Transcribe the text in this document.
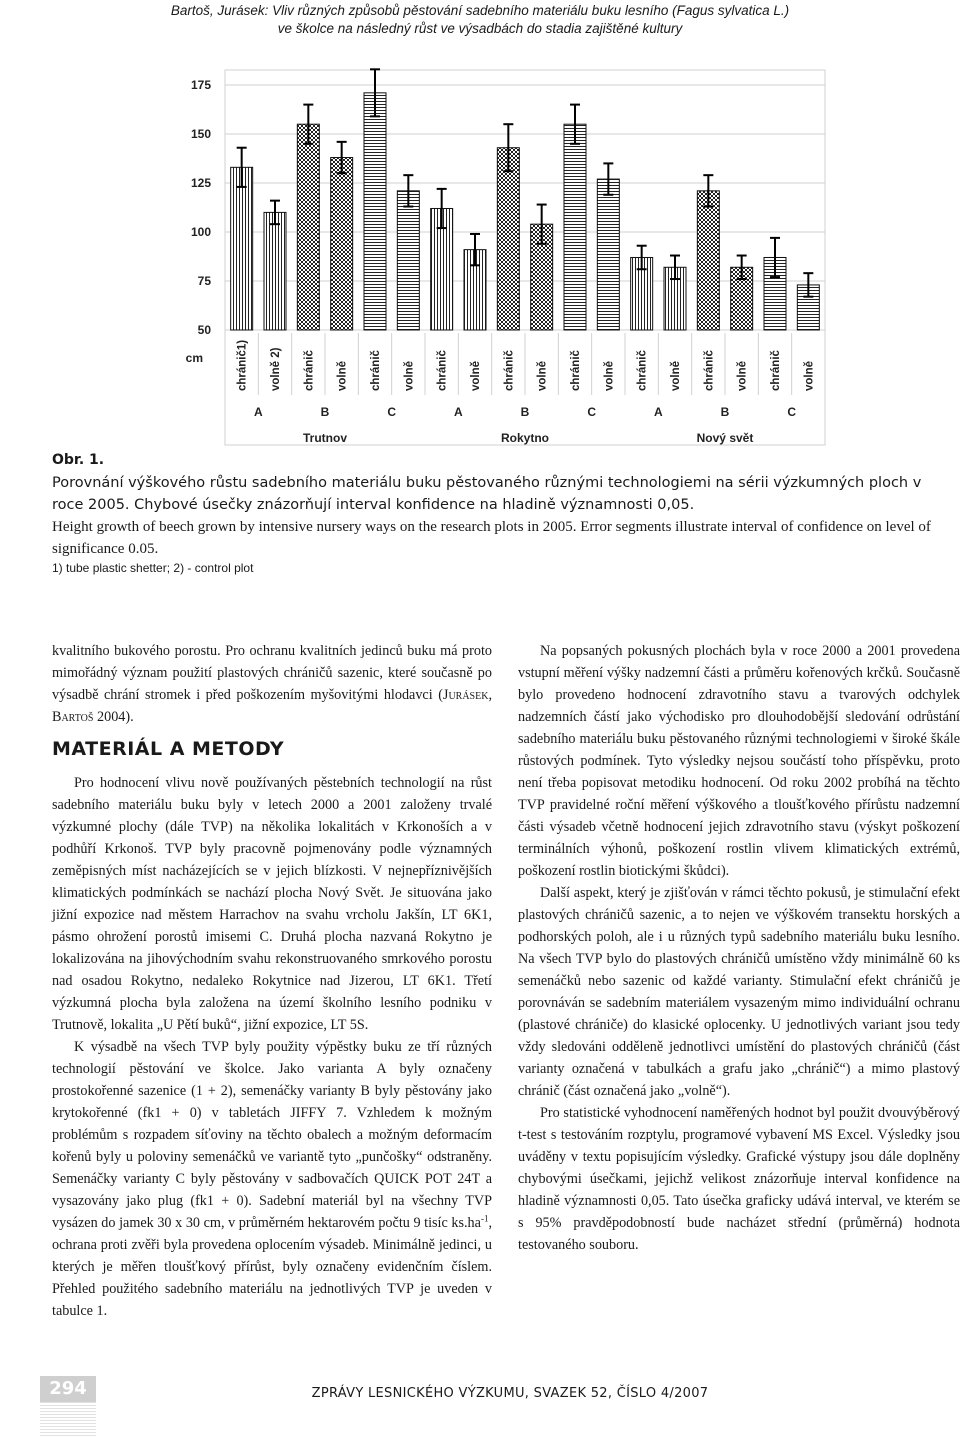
Bartoš, Jurásek: Vliv různých způsobů pěstování sadebního materiálu buku lesního (Fagus sylvatica L.)
ve školce na následný růst ve výsadbách do stadia zajištěné kultury
50
75
100
125
150
175
cm	chránič1) volně 2) chránič volně chránič volně chránič volně chránič volně chránič volně chránič volně chránič volně chránič volně
A	B	C	A	B	C	A	B	C
Trutnov	Rokytno	Nový svět
Obr. 1.
Porovnání výškového růstu sadebního materiálu buku pěstovaného různými technologiemi na sérii výzkumných ploch v roce 2005. Chybové úsečky znázorňují interval konfidence na hladině významnosti 0,05.
Height growth of beech grown by intensive nursery ways on the research plots in 2005. Error segments illustrate interval of confidence on level of significance 0.05.
1) tube plastic shetter; 2) - control plot

kvalitního bukového porostu. Pro ochranu kvalitních jedinců buku má proto mimořádný význam použití plastových chráničů sazenic, které současně po výsadbě chrání stromek i před poškozením myšovitými hlodavci (Jurásek, Bartoš 2004).

MATERIÁL A METODY

Pro hodnocení vlivu nově používaných pěstebních technologií na růst sadebního materiálu buku byly v letech 2000 a 2001 založeny trvalé výzkumné plochy (dále TVP) na několika lokalitách v Krkonoších a v podhůří Krkonoš. TVP byly pracovně pojmenovány podle významných zeměpisných míst nacházejících se v jejich blízkosti. V nejnepříznivějších klimatických podmínkách se nachází plocha Nový Svět. Je situována jako jižní expozice nad městem Harrachov na svahu vrcholu Jakšín, LT 6K1, pásmo ohrožení porostů imisemi C. Druhá plocha nazvaná Rokytno je lokalizována na jihovýchodním svahu rekonstruovaného smrkového porostu nad osadou Rokytno, nedaleko Rokytnice nad Jizerou, LT 6K1. Třetí výzkumná plocha byla založena na území školního lesního podniku v Trutnově, lokalita „U Pětí buků“, jižní expozice, LT 5S.

K výsadbě na všech TVP byly použity výpěstky buku ze tří různých technologií pěstování ve školce. Jako varianta A byly označeny prostokořenné sazenice (1 + 2), semenáčky varianty B byly pěstovány jako krytokořenné (fk1 + 0) v tabletách JIFFY 7. Vzhledem k možným problémům s rozpadem síťoviny na těchto obalech a možným deformacím kořenů byly u poloviny semenáčků ve variantě tyto „punčošky“ odstraněny. Semenáčky varianty C byly pěstovány v sadbovačích QUICK POT 24T a vysazovány jako plug (fk1 + 0). Sadební materiál byl na všechny TVP vysázen do jamek 30 x 30 cm, v průměrném hektarovém počtu 9 tisíc $ks.ha^{-1}$, ochrana proti zvěři byla provedena oplocením výsadeb. Minimálně jedinci, u kterých je měřen tloušťkový přírůst, byly označeny evidenčním číslem. Přehled použitého sadebního materiálu na jednotlivých TVP je uveden v tabulce 1.

Na popsaných pokusných plochách byla v roce 2000 a 2001 provedena vstupní měření výšky nadzemní části a průměru kořenových krčků. Současně bylo provedeno hodnocení zdravotního stavu a tvarových odchylek nadzemních částí jako východisko pro dlouhodobější sledování odrůstání sadebního materiálu buku pěstovaného různými technologiemi v široké škále růstových podmínek. Tyto výsledky nejsou součástí toho příspěvku, proto není třeba popisovat metodiku hodnocení. Od roku 2002 probíhá na těchto TVP pravidelné roční měření výškového a tloušťkového přírůstu nadzemní části výsadeb včetně hodnocení jejich zdravotního stavu (výskyt poškození terminálních výhonů, poškození rostlin vlivem klimatických extrémů, poškození rostlin biotickými škůdci).

Další aspekt, který je zjišťován v rámci těchto pokusů, je stimulační efekt plastových chráničů sazenic, a to nejen ve výškovém transektu horských a podhorských poloh, ale i u různých typů sadebního materiálu buku lesního. Na všech TVP bylo do plastových chráničů umístěno vždy minimálně 60 ks semenáčků nebo sazenic od každé varianty. Stimulační efekt chráničů je porovnáván se sadebním materiálem vysazeným mimo individuální ochranu (plastové chrániče) do klasické oplocenky. U jednotlivých variant jsou tedy vždy sledováni odděleně jednotlivci umístění do plastových chráničů (část varianty označená v tabulkách a grafu jako „chránič“) a mimo plastový chránič (část označená jako „volně“).

Pro statistické vyhodnocení naměřených hodnot byl použit dvouvýběrový t-test s testováním rozptylu, programové vybavení MS Excel. Výsledky jsou uváděny v textu popisujícím výsledky. Grafické výstupy jsou dále doplněny chybovými úsečkami, jejichž velikost znázorňuje interval konfidence na hladině významnosti 0,05. Tato úsečka graficky udává interval, ve kterém se s 95% pravděpodobností bude nacházet střední (průměrná) hodnota testovaného souboru.

294	ZPRÁVY LESNICKÉHO VÝZKUMU, SVAZEK 52, ČÍSLO 4/2007
